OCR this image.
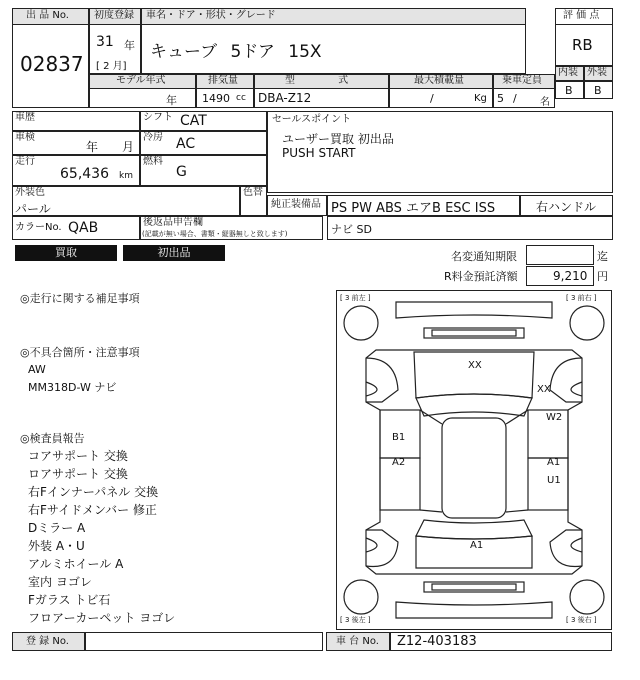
出 品 No.
02837
初度登録
31 年
[ 2 月]
車名・ドア・形状・グレード
キューブ 5ドア 15X
評 価 点
RB
内装 外装
B B
モデル年式
年
排気量
1490 cc
型 式
DBA-Z12
最大積載量
/	Kg
乗車定員
5 / 名
車歴	シフト CAT
車検
年 月
冷房 AC
走行
65,436 km
燃料
G
外装色
パール
色替
カラーNo. QAB	後返品申告欄
(記載が無い場合、書類・縦器無しと致します)
セールスポイント
ユーザー買取 初出品
PUSH START
純正装備品 PS PW ABS エアB ESC ISS	右ハンドル
ナビ SD
買取	初出品	名変通知期限	迄
R料金預託済額	9,210 円
◎走行に関する補足事項
◎不具合箇所・注意事項
AW
MM318D-W ナビ
◎検査員報告
コアサポート 交換
ロアサポート 交換
右Fインナーパネル 交換
右Fサイドメンバー 修正
Dミラー A
外装 A・U
アルミホイール A
室内 ヨゴレ
Fガラス トビ石
フロアーカーペット ヨゴレ
[ 3 前左 ]	[ 3 前右 ]
[ 3 後左 ]	[ 3 後右 ]
XX
XX
W2
B1
A2	A1
U1
A1
登 録 No.	車 台 No. Z12-403183
